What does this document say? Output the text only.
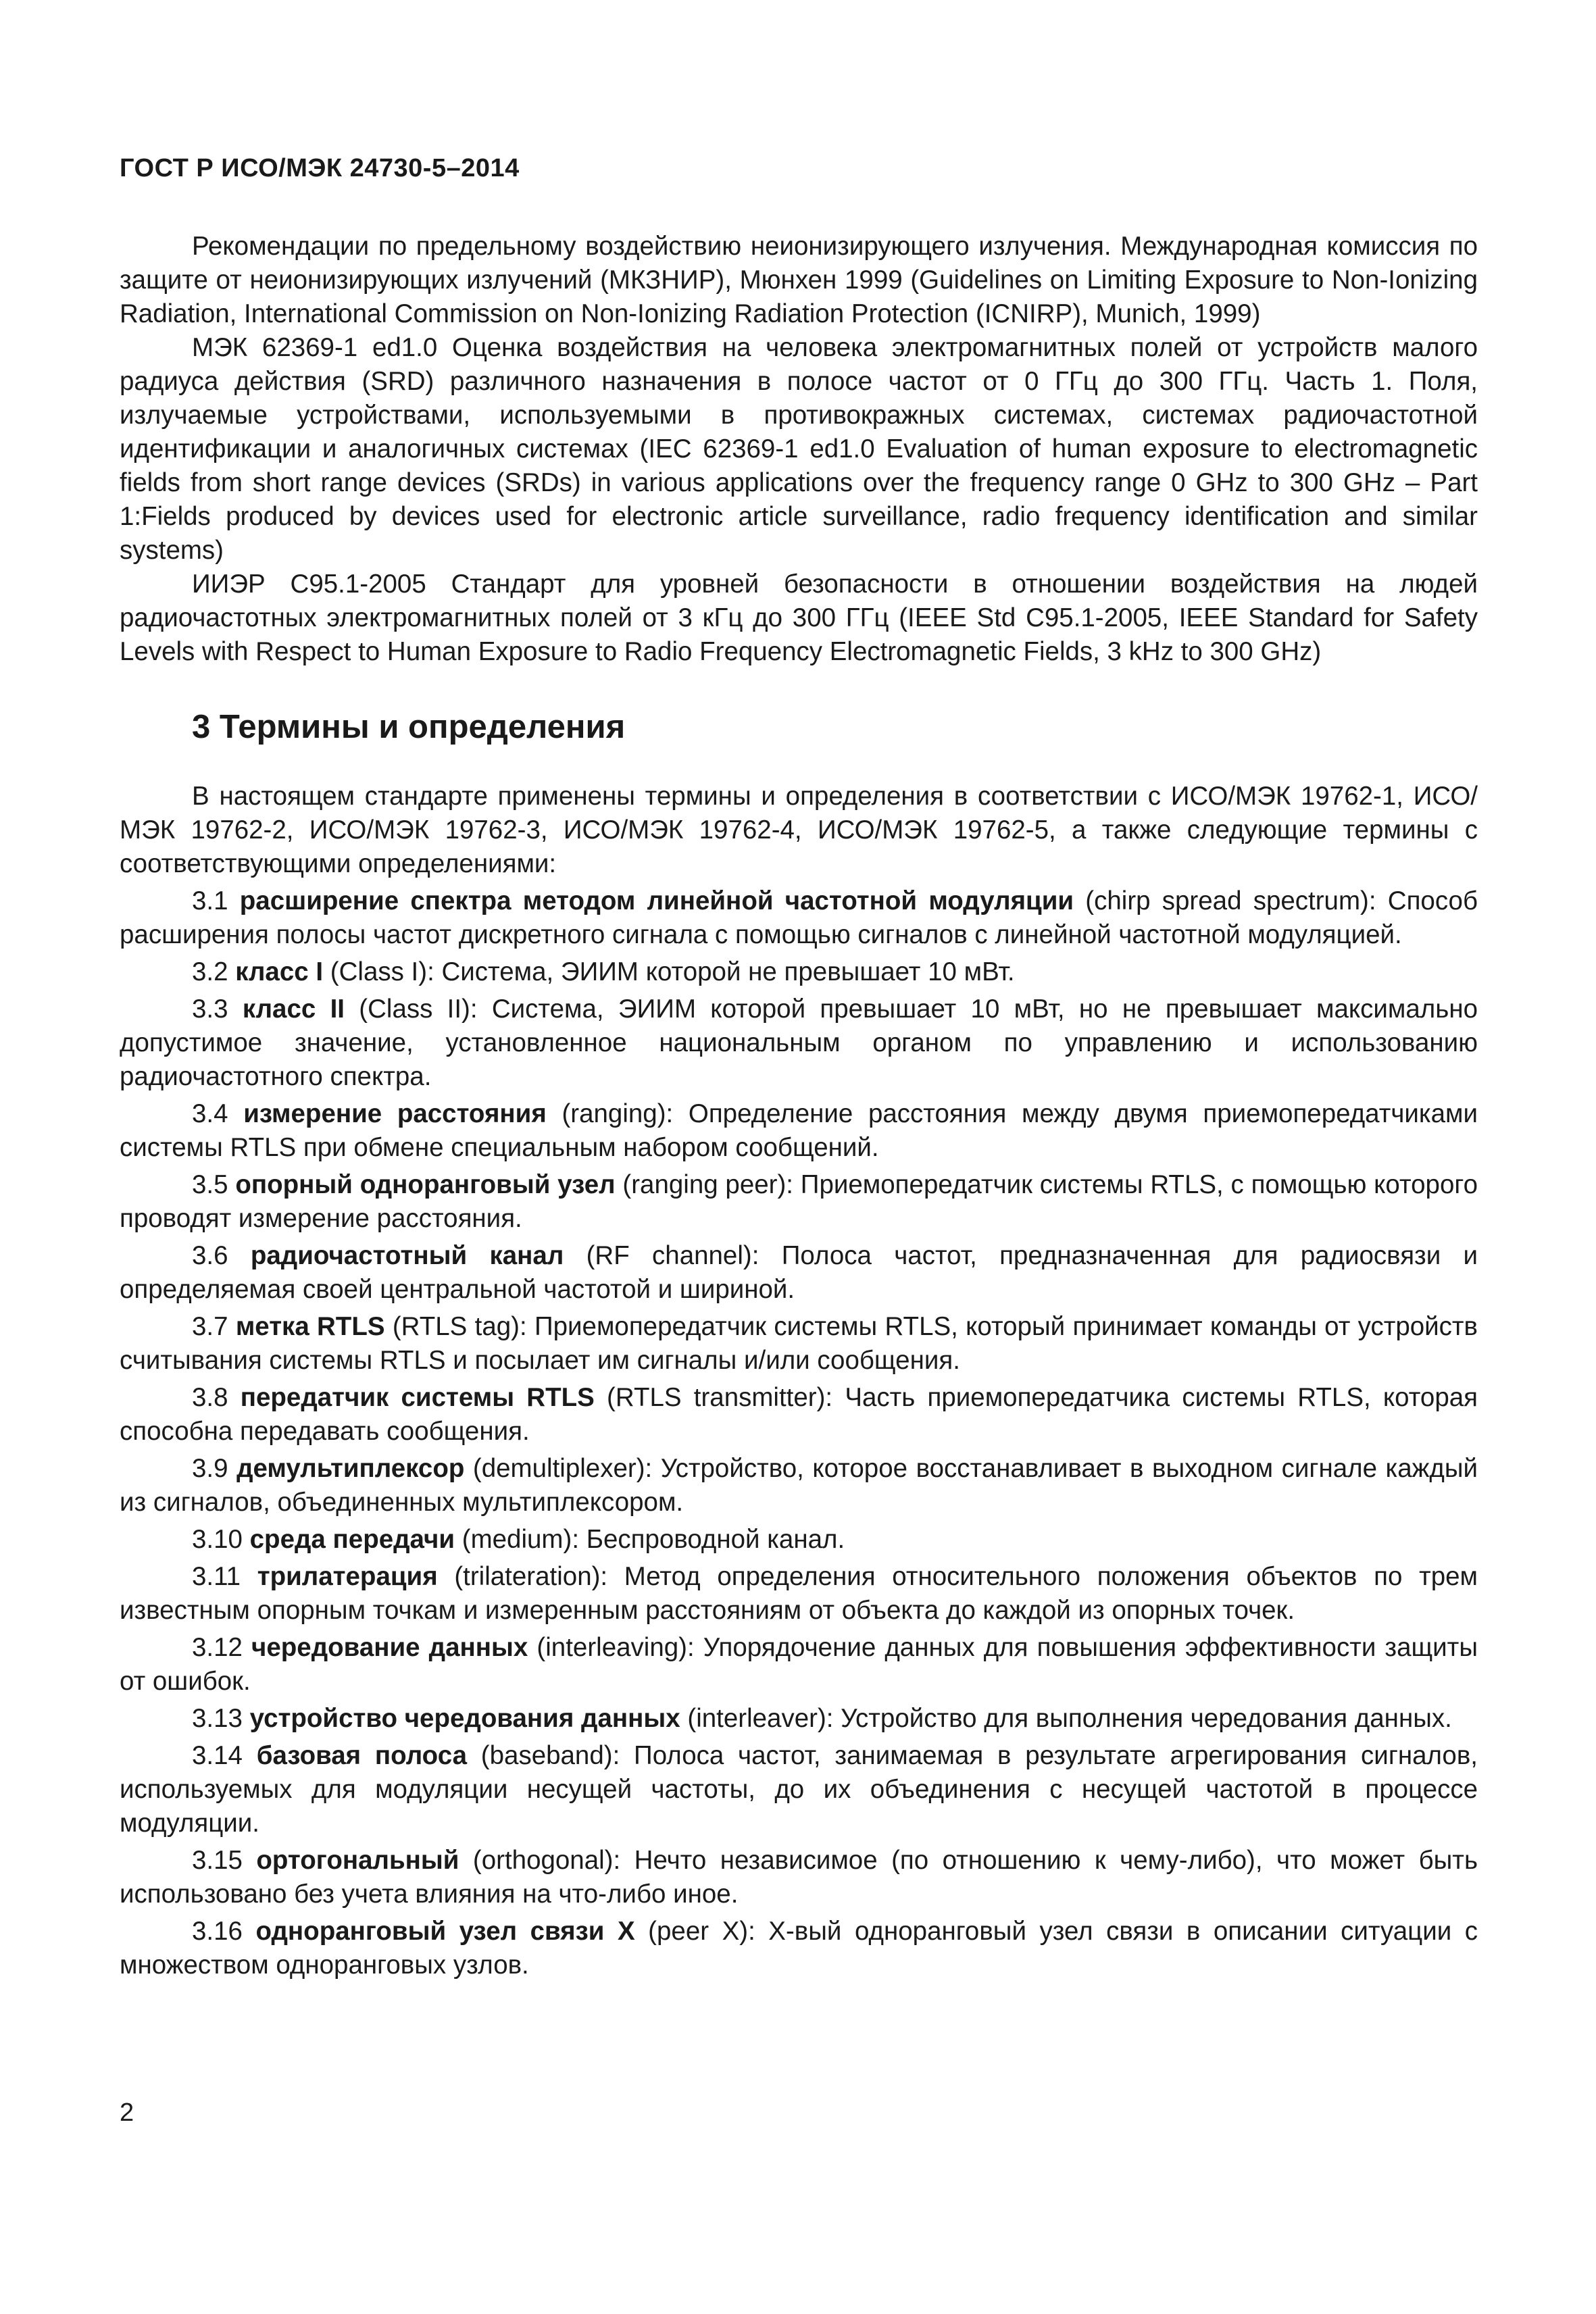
ГОСТ Р ИСО/МЭК 24730-5–2014

Рекомендации по предельному воздействию неионизирующего излучения. Международная комиссия по защите от неионизирующих излучений (МКЗНИР), Мюнхен 1999 (Guidelines on Limiting Exposure to Non-Ionizing Radiation, International Commission on Non-Ionizing Radiation Protection (ICNIRP), Munich, 1999)

МЭК 62369-1 ed1.0 Оценка воздействия на человека электромагнитных полей от устройств малого радиуса действия (SRD) различного назначения в полосе частот от 0 ГГц до 300 ГГц. Часть 1. Поля, излучаемые устройствами, используемыми в противокражных системах, системах радиочастотной идентификации и аналогичных системах (IEC 62369-1 ed1.0 Evaluation of human exposure to electromagnetic fields from short range devices (SRDs) in various applications over the frequency range 0 GHz to 300 GHz – Part 1:Fields produced by devices used for electronic article surveillance, radio frequency identification and similar systems)

ИИЭР С95.1-2005 Стандарт для уровней безопасности в отношении воздействия на людей радиочастотных электромагнитных полей от 3 кГц до 300 ГГц (IEEE Std C95.1-2005, IEEE Standard for Safety Levels with Respect to Human Exposure to Radio Frequency Electromagnetic Fields, 3 kHz to 300 GHz)

3 Термины и определения

В настоящем стандарте применены термины и определения в соответствии с ИСО/МЭК 19762-1, ИСО/МЭК 19762-2, ИСО/МЭК 19762-3, ИСО/МЭК 19762-4, ИСО/МЭК 19762-5, а также следующие термины с соответствующими определениями:

3.1 расширение спектра методом линейной частотной модуляции (chirp spread spectrum): Способ расширения полосы частот дискретного сигнала с помощью сигналов с линейной частотной модуляцией.

3.2 класс I (Class I): Система, ЭИИМ которой не превышает 10 мВт.

3.3 класс II (Class II): Система, ЭИИМ которой превышает 10 мВт, но не превышает максимально допустимое значение, установленное национальным органом по управлению и использованию радиочастотного спектра.

3.4 измерение расстояния (ranging): Определение расстояния между двумя приемопередатчиками системы RTLS при обмене специальным набором сообщений.

3.5 опорный одноранговый узел (ranging peer): Приемопередатчик системы RTLS, с помощью которого проводят измерение расстояния.

3.6 радиочастотный канал (RF channel): Полоса частот, предназначенная для радиосвязи и определяемая своей центральной частотой и шириной.

3.7 метка RTLS (RTLS tag): Приемопередатчик системы RTLS, который принимает команды от устройств считывания системы RTLS и посылает им сигналы и/или сообщения.

3.8 передатчик системы RTLS (RTLS transmitter): Часть приемопередатчика системы RTLS, которая способна передавать сообщения.

3.9 демультиплексор (demultiplexer): Устройство, которое восстанавливает в выходном сигнале каждый из сигналов, объединенных мультиплексором.

3.10 среда передачи (medium): Беспроводной канал.

3.11 трилатерация (trilateration): Метод определения относительного положения объектов по трем известным опорным точкам и измеренным расстояниям от объекта до каждой из опорных точек.

3.12 чередование данных (interleaving): Упорядочение данных для повышения эффективности защиты от ошибок.

3.13 устройство чередования данных (interleaver): Устройство для выполнения чередования данных.

3.14 базовая полоса (baseband): Полоса частот, занимаемая в результате агрегирования сигналов, используемых для модуляции несущей частоты, до их объединения с несущей частотой в процессе модуляции.

3.15 ортогональный (orthogonal): Нечто независимое (по отношению к чему-либо), что может быть использовано без учета влияния на что-либо иное.

3.16 одноранговый узел связи X (peer X): X-вый одноранговый узел связи в описании ситуации с множеством одноранговых узлов.

2
